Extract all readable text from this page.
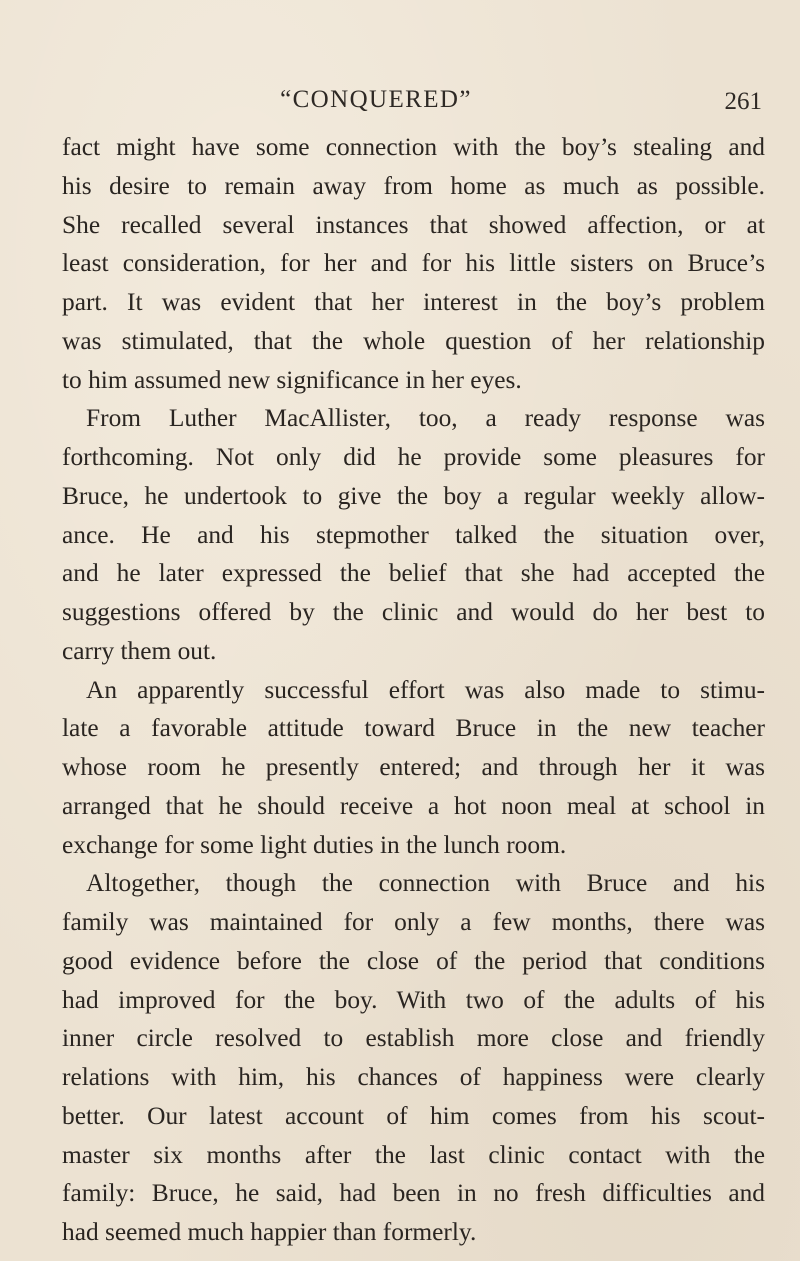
“CONQUERED”	261
fact might have some connection with the boy’s stealing and
his desire to remain away from home as much as possible.
She recalled several instances that showed affection, or at
least consideration, for her and for his little sisters on Bruce’s
part. It was evident that her interest in the boy’s problem
was stimulated, that the whole question of her relationship
to him assumed new significance in her eyes.
From Luther MacAllister, too, a ready response was
forthcoming. Not only did he provide some pleasures for
Bruce, he undertook to give the boy a regular weekly allow-
ance. He and his stepmother talked the situation over,
and he later expressed the belief that she had accepted the
suggestions offered by the clinic and would do her best to
carry them out.
An apparently successful effort was also made to stimu-
late a favorable attitude toward Bruce in the new teacher
whose room he presently entered; and through her it was
arranged that he should receive a hot noon meal at school in
exchange for some light duties in the lunch room.
Altogether, though the connection with Bruce and his
family was maintained for only a few months, there was
good evidence before the close of the period that conditions
had improved for the boy. With two of the adults of his
inner circle resolved to establish more close and friendly
relations with him, his chances of happiness were clearly
better. Our latest account of him comes from his scout-
master six months after the last clinic contact with the
family: Bruce, he said, had been in no fresh difficulties and
had seemed much happier than formerly.
